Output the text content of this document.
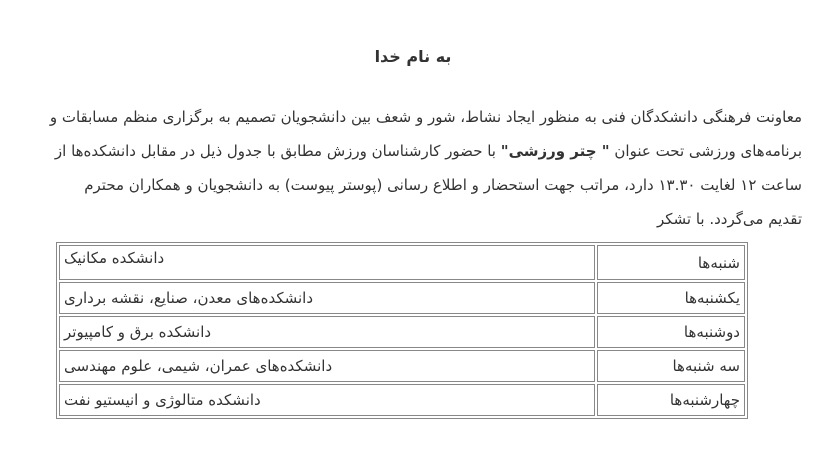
به نام خدا

معاونت فرهنگی دانشکدگان فنی به منظور ایجاد نشاط، شور و شعف بین دانشجویان تصمیم به برگزاری منظم مسابقات و

برنامه‌های ورزشی تحت عنوان " چتر ورزشی" با حضور کارشناسان ورزش مطابق با جدول ذیل در مقابل دانشکده‌ها از

ساعت ۱۲ لغایت ۱۳.۳۰ دارد، مراتب جهت استحضار و اطلاع رسانی (پوستر پیوست) به دانشجویان و همکاران محترم

تقدیم می‌گردد. با تشکر

شنبه‌ها	دانشکده مکانیک
یکشنبه‌ها	دانشکده‌های معدن، صنایع، نقشه برداری
دوشنبه‌ها	دانشکده برق و کامپیوتر
سه شنبه‌ها	دانشکده‌های عمران، شیمی، علوم مهندسی
چهارشنبه‌ها	دانشکده متالوژی و انیستیو نفت
